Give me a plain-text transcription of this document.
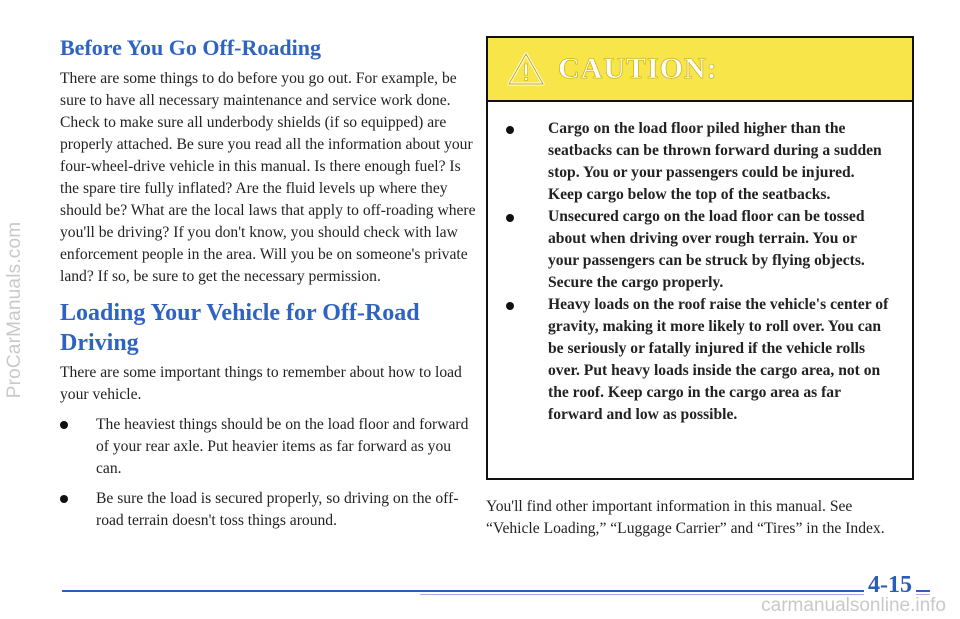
ProCarManuals.com
Before You Go Off-Roading

There are some things to do before you go out. For example, be sure to have all necessary maintenance and service work done. Check to make sure all underbody shields (if so equipped) are properly attached. Be sure you read all the information about your four-wheel-drive vehicle in this manual. Is there enough fuel? Is the spare tire fully inflated? Are the fluid levels up where they should be? What are the local laws that apply to off-roading where you'll be driving? If you don't know, you should check with law enforcement people in the area. Will you be on someone's private land? If so, be sure to get the necessary permission.

Loading Your Vehicle for Off-Road Driving

There are some important things to remember about how to load your vehicle.

The heaviest things should be on the load floor and forward of your rear axle. Put heavier items as far forward as you can.
Be sure the load is secured properly, so driving on the off-road terrain doesn't toss things around.
CAUTION:
Cargo on the load floor piled higher than the seatbacks can be thrown forward during a sudden stop. You or your passengers could be injured. Keep cargo below the top of the seatbacks.
Unsecured cargo on the load floor can be tossed about when driving over rough terrain. You or your passengers can be struck by flying objects. Secure the cargo properly.
Heavy loads on the roof raise the vehicle's center of gravity, making it more likely to roll over. You can be seriously or fatally injured if the vehicle rolls over. Put heavy loads inside the cargo area, not on the roof. Keep cargo in the cargo area as far forward and low as possible.

You'll find other important information in this manual. See “Vehicle Loading,” “Luggage Carrier” and “Tires” in the Index.

4-15
carmanualsonline.info
